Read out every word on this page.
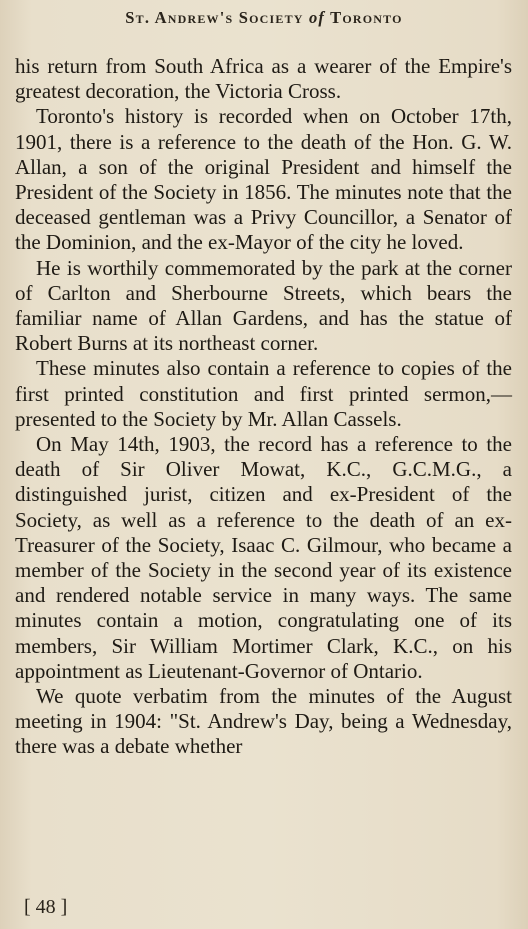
St. Andrew's Society of Toronto

his return from South Africa as a wearer of the Empire's greatest decoration, the Victoria Cross.

Toronto's history is recorded when on October 17th, 1901, there is a reference to the death of the Hon. G. W. Allan, a son of the original President and himself the President of the Society in 1856. The minutes note that the deceased gentleman was a Privy Councillor, a Senator of the Dominion, and the ex-Mayor of the city he loved.

He is worthily commemorated by the park at the corner of Carlton and Sherbourne Streets, which bears the familiar name of Allan Gardens, and has the statue of Robert Burns at its northeast corner.

These minutes also contain a reference to copies of the first printed constitution and first printed sermon,—presented to the Society by Mr. Allan Cassels.

On May 14th, 1903, the record has a reference to the death of Sir Oliver Mowat, K.C., G.C.M.G., a distinguished jurist, citizen and ex-President of the Society, as well as a reference to the death of an ex-Treasurer of the Society, Isaac C. Gilmour, who became a member of the Society in the second year of its existence and rendered notable service in many ways. The same minutes contain a motion, congratulating one of its members, Sir William Mortimer Clark, K.C., on his appointment as Lieutenant-Governor of Ontario.

We quote verbatim from the minutes of the August meeting in 1904: "St. Andrew's Day, being a Wednesday, there was a debate whether

[ 48 ]
